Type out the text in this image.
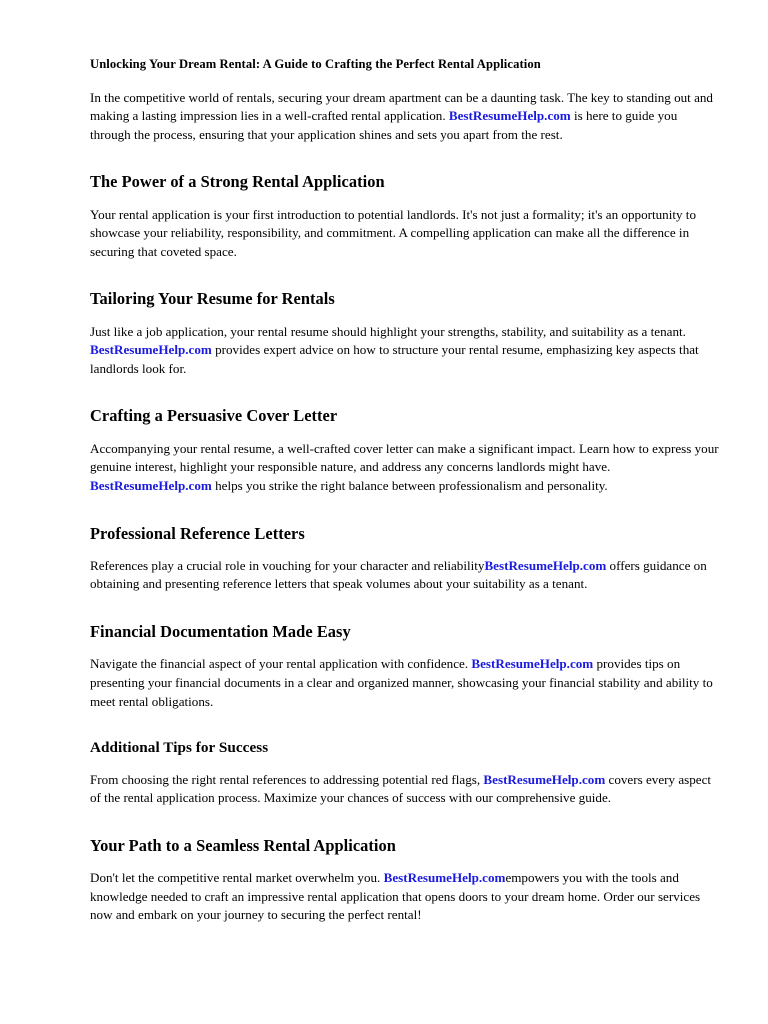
Unlocking Your Dream Rental: A Guide to Crafting the Perfect Rental Application

In the competitive world of rentals, securing your dream apartment can be a daunting task. The key to standing out and making a lasting impression lies in a well-crafted rental application. BestResumeHelp.com is here to guide you through the process, ensuring that your application shines and sets you apart from the rest.

The Power of a Strong Rental Application

Your rental application is your first introduction to potential landlords. It's not just a formality; it's an opportunity to showcase your reliability, responsibility, and commitment. A compelling application can make all the difference in securing that coveted space.

Tailoring Your Resume for Rentals

Just like a job application, your rental resume should highlight your strengths, stability, and suitability as a tenant. BestResumeHelp.com provides expert advice on how to structure your rental resume, emphasizing key aspects that landlords look for.

Crafting a Persuasive Cover Letter

Accompanying your rental resume, a well-crafted cover letter can make a significant impact. Learn how to express your genuine interest, highlight your responsible nature, and address any concerns landlords might have. BestResumeHelp.com helps you strike the right balance between professionalism and personality.

Professional Reference Letters

References play a crucial role in vouching for your character and reliabilityBestResumeHelp.com offers guidance on obtaining and presenting reference letters that speak volumes about your suitability as a tenant.

Financial Documentation Made Easy

Navigate the financial aspect of your rental application with confidence. BestResumeHelp.com provides tips on presenting your financial documents in a clear and organized manner, showcasing your financial stability and ability to meet rental obligations.

Additional Tips for Success

From choosing the right rental references to addressing potential red flags, BestResumeHelp.com covers every aspect of the rental application process. Maximize your chances of success with our comprehensive guide.

Your Path to a Seamless Rental Application

Don't let the competitive rental market overwhelm you. BestResumeHelp.comempowers you with the tools and knowledge needed to craft an impressive rental application that opens doors to your dream home. Order our services now and embark on your journey to securing the perfect rental!
